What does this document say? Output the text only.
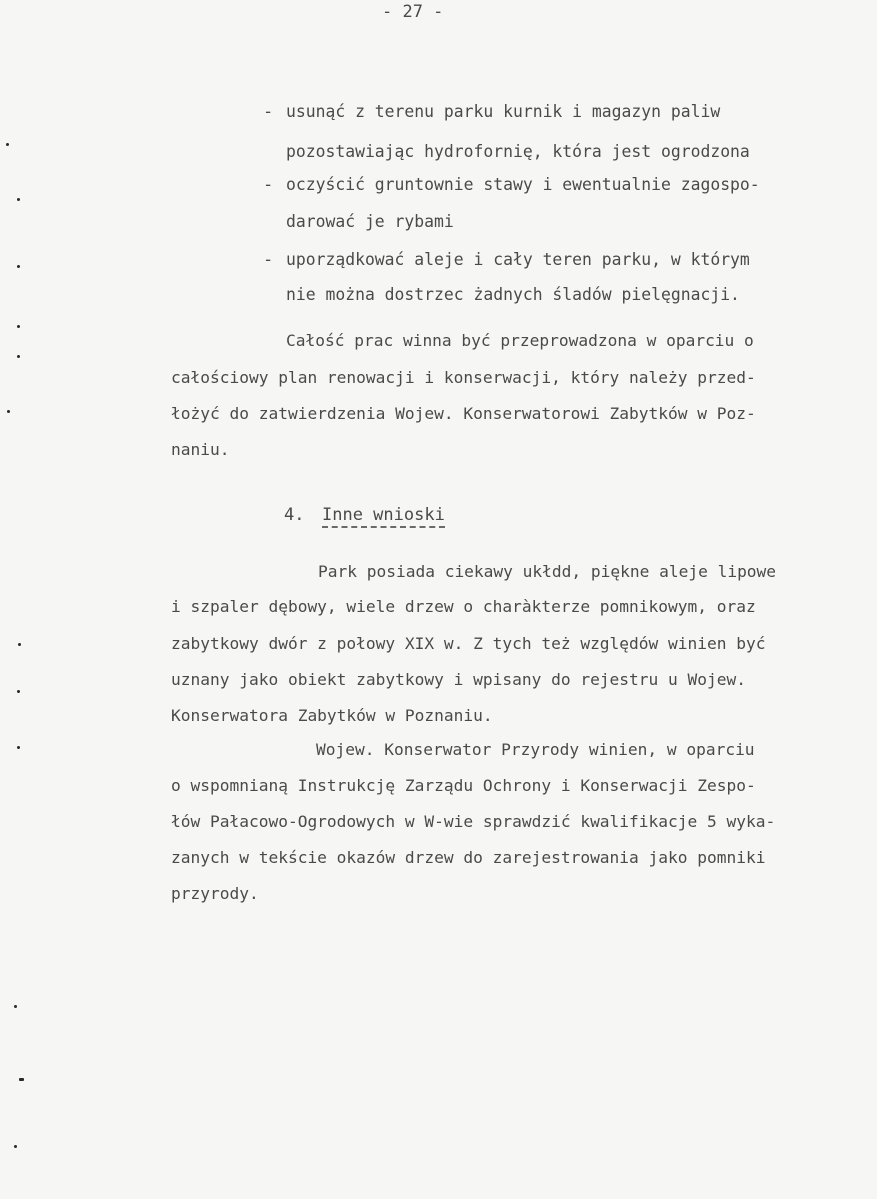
- 27 -
- usunąć z terenu parku kurnik i magazyn paliw
pozostawiając hydrofornię, która jest ogrodzona
- oczyścić gruntownie stawy i ewentualnie zagospo-
darować je rybami
- uporządkować aleje i cały teren parku, w którym
nie można dostrzec żadnych śladów pielęgnacji.
Całość prac winna być przeprowadzona w oparciu o
całościowy plan renowacji i konserwacji, który należy przed-
łożyć do zatwierdzenia Wojew. Konserwatorowi Zabytków w Poz-
naniu.
4. Inne wnioski
Park posiada ciekawy ukłdd, piękne aleje lipowe
i szpaler dębowy, wiele drzew o charàkterze pomnikowym, oraz
zabytkowy dwór z połowy XIX w. Z tych też względów winien być
uznany jako obiekt zabytkowy i wpisany do rejestru u Wojew.
Konserwatora Zabytków w Poznaniu.
Wojew. Konserwator Przyrody winien, w oparciu
o wspomnianą Instrukcję Zarządu Ochrony i Konserwacji Zespo-
łów Pałacowo-Ogrodowych w W-wie sprawdzić kwalifikacje 5 wyka-
zanych w tekście okazów drzew do zarejestrowania jako pomniki
przyrody.
